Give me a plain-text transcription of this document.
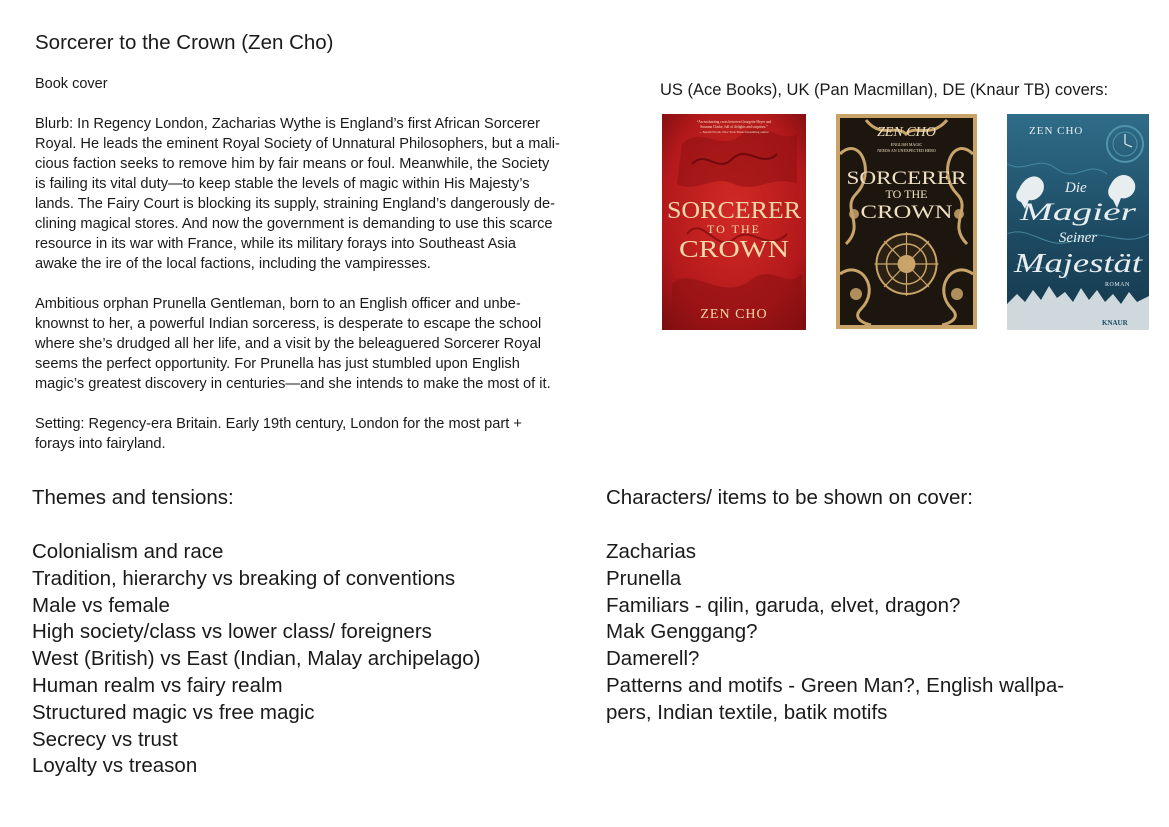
Sorcerer to the Crown (Zen Cho)
Book cover
Blurb: In Regency London, Zacharias Wythe is England’s first African Sorcerer
Royal. He leads the eminent Royal Society of Unnatural Philosophers, but a mali-
cious faction seeks to remove him by fair means or foul. Meanwhile, the Society
is failing its vital duty—to keep stable the levels of magic within His Majesty’s
lands. The Fairy Court is blocking its supply, straining England’s dangerously de-
clining magical stores. And now the government is demanding to use this scarce
resource in its war with France, while its military forays into Southeast Asia
awake the ire of the local factions, including the vampiresses.
Ambitious orphan Prunella Gentleman, born to an English officer and unbe-
knownst to her, a powerful Indian sorceress, is desperate to escape the school
where she’s drudged all her life, and a visit by the beleaguered Sorcerer Royal
seems the perfect opportunity. For Prunella has just stumbled upon English
magic’s greatest discovery in centuries—and she intends to make the most of it.
Setting: Regency-era Britain. Early 19th century, London for the most part +
forays into fairyland.
US (Ace Books), UK (Pan Macmillan), DE (Knaur TB) covers:
“An enchanting cross between Georgette Heyer and
Susanna Clarke, full of delights and surprises.”
—Naomi Novik, New York Times bestselling author
SORCERER
TO THE
CROWN
ZEN CHO
ZEN CHO
ENGLISH MAGIC
NEEDS AN UNEXPECTED HERO
SORCERER
TO THE
CROWN
ZEN CHO
Die
Magier
Seiner
Majestät
ROMAN
KNAUR
Themes and tensions:
Colonialism and race
Tradition, hierarchy vs breaking of conventions
Male vs female
High society/class vs lower class/ foreigners
West (British) vs East (Indian, Malay archipelago)
Human realm vs fairy realm
Structured magic vs free magic
Secrecy vs trust
Loyalty vs treason
Characters/ items to be shown on cover:
Zacharias
Prunella
Familiars - qilin, garuda, elvet, dragon?
Mak Genggang?
Damerell?
Patterns and motifs - Green Man?, English wallpa-
pers, Indian textile, batik motifs
